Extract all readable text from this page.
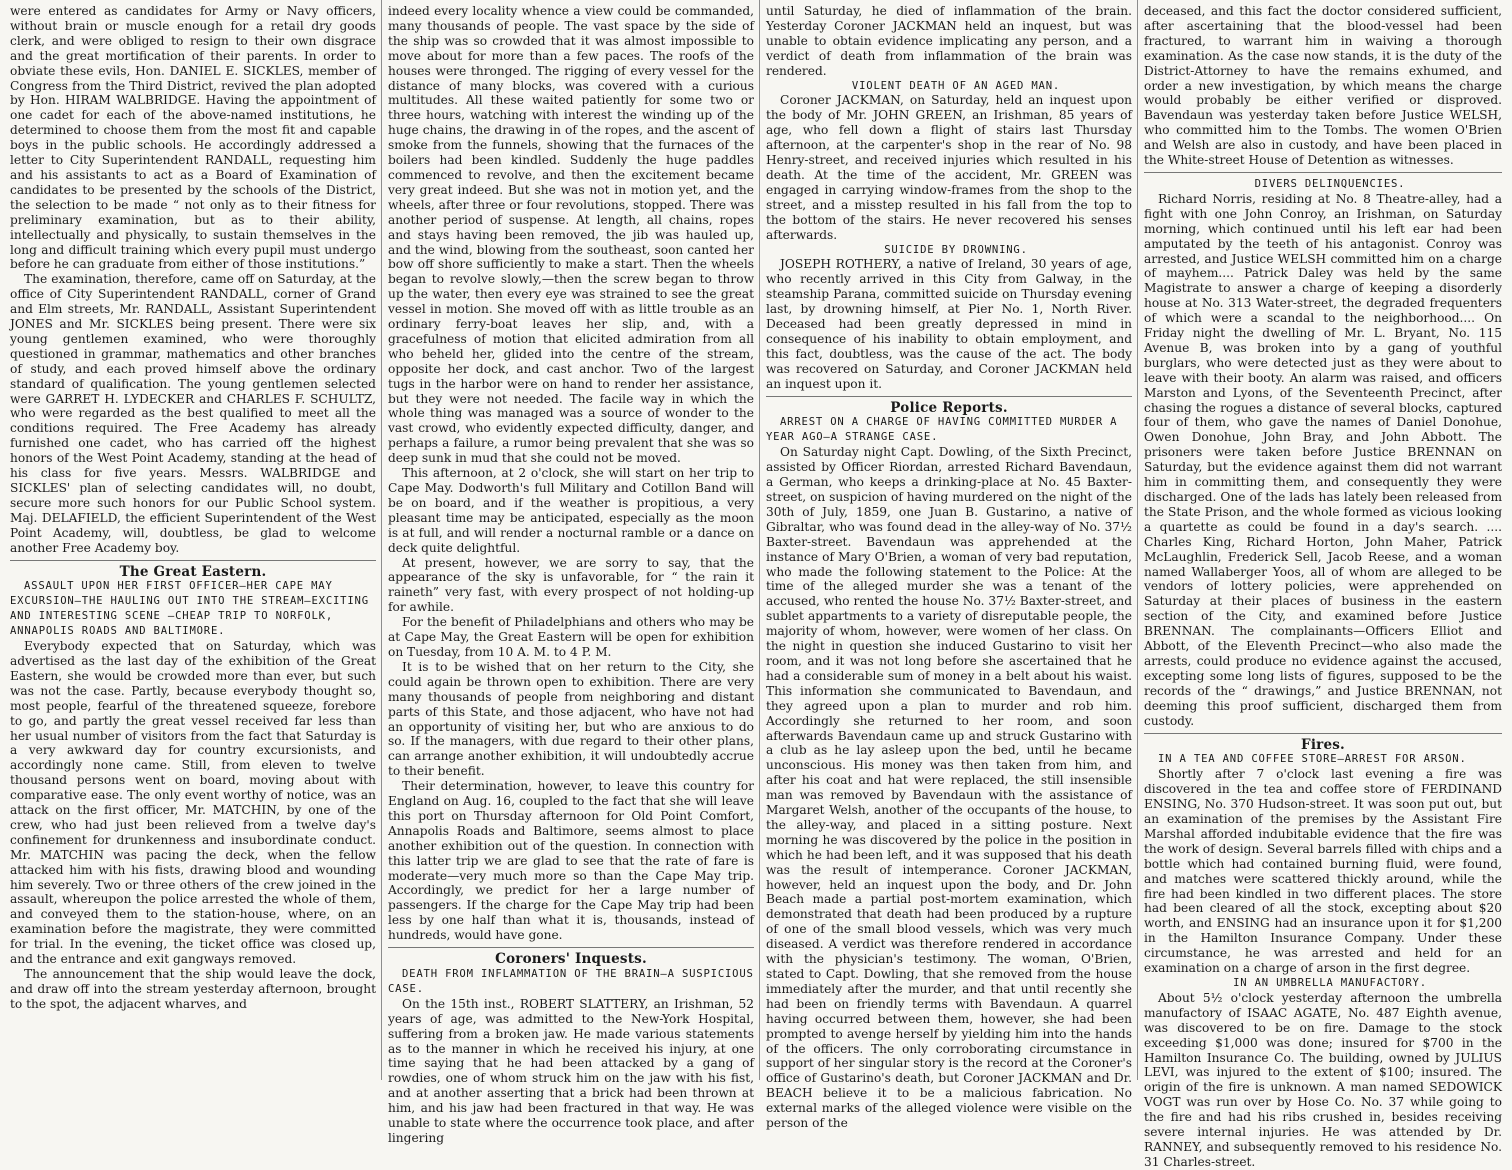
were entered as candidates for Army or Navy officers, without brain or muscle enough for a retail dry goods clerk, and were obliged to resign to their own disgrace and the great mortification of their parents. In order to obviate these evils, Hon. DANIEL E. SICKLES, member of Congress from the Third District, revived the plan adopted by Hon. HIRAM WALBRIDGE. Having the appointment of one cadet for each of the above-named institutions, he determined to choose them from the most fit and capable boys in the public schools. He accordingly addressed a letter to City Superintendent RANDALL, requesting him and his assistants to act as a Board of Examination of candidates to be presented by the schools of the District, the selection to be made “ not only as to their fitness for preliminary examination, but as to their ability, intellectually and physically, to sustain themselves in the long and difficult training which every pupil must undergo before he can graduate from either of those institutions.”

The examination, therefore, came off on Saturday, at the office of City Superintendent RANDALL, corner of Grand and Elm streets, Mr. RANDALL, Assistant Superintendent JONES and Mr. SICKLES being present. There were six young gentlemen examined, who were thoroughly questioned in grammar, mathematics and other branches of study, and each proved himself above the ordinary standard of qualification. The young gentlemen selected were GARRET H. LYDECKER and CHARLES F. SCHULTZ, who were regarded as the best qualified to meet all the conditions required. The Free Academy has already furnished one cadet, who has carried off the highest honors of the West Point Academy, standing at the head of his class for five years. Messrs. WALBRIDGE and SICKLES' plan of selecting candidates will, no doubt, secure more such honors for our Public School system. Maj. DELAFIELD, the efficient Superintendent of the West Point Academy, will, doubtless, be glad to welcome another Free Academy boy.

The Great Eastern.

ASSAULT UPON HER FIRST OFFICER—HER CAPE MAY EXCURSION—THE HAULING OUT INTO THE STREAM—EXCITING AND INTERESTING SCENE —CHEAP TRIP TO NORFOLK, ANNAPOLIS ROADS AND BALTIMORE.

Everybody expected that on Saturday, which was advertised as the last day of the exhibition of the Great Eastern, she would be crowded more than ever, but such was not the case. Partly, because everybody thought so, most people, fearful of the threatened squeeze, forebore to go, and partly the great vessel received far less than her usual number of visitors from the fact that Saturday is a very awkward day for country excursionists, and accordingly none came. Still, from eleven to twelve thousand persons went on board, moving about with comparative ease. The only event worthy of notice, was an attack on the first officer, Mr. MATCHIN, by one of the crew, who had just been relieved from a twelve day's confinement for drunkenness and insubordinate conduct. Mr. MATCHIN was pacing the deck, when the fellow attacked him with his fists, drawing blood and wounding him severely. Two or three others of the crew joined in the assault, whereupon the police arrested the whole of them, and conveyed them to the station-house, where, on an examination before the magistrate, they were committed for trial. In the evening, the ticket office was closed up, and the entrance and exit gangways removed.

The announcement that the ship would leave the dock, and draw off into the stream yesterday afternoon, brought to the spot, the adjacent wharves, and

indeed every locality whence a view could be commanded, many thousands of people. The vast space by the side of the ship was so crowded that it was almost impossible to move about for more than a few paces. The roofs of the houses were thronged. The rigging of every vessel for the distance of many blocks, was covered with a curious multitudes. All these waited patiently for some two or three hours, watching with interest the winding up of the huge chains, the drawing in of the ropes, and the ascent of smoke from the funnels, showing that the furnaces of the boilers had been kindled. Suddenly the huge paddles commenced to revolve, and then the excitement became very great indeed. But she was not in motion yet, and the wheels, after three or four revolutions, stopped. There was another period of suspense. At length, all chains, ropes and stays having been removed, the jib was hauled up, and the wind, blowing from the southeast, soon canted her bow off shore sufficiently to make a start. Then the wheels began to revolve slowly,—then the screw began to throw up the water, then every eye was strained to see the great vessel in motion. She moved off with as little trouble as an ordinary ferry-boat leaves her slip, and, with a gracefulness of motion that elicited admiration from all who beheld her, glided into the centre of the stream, opposite her dock, and cast anchor. Two of the largest tugs in the harbor were on hand to render her assistance, but they were not needed. The facile way in which the whole thing was managed was a source of wonder to the vast crowd, who evidently expected difficulty, danger, and perhaps a failure, a rumor being prevalent that she was so deep sunk in mud that she could not be moved.

This afternoon, at 2 o'clock, she will start on her trip to Cape May. Dodworth's full Military and Cotillon Band will be on board, and if the weather is propitious, a very pleasant time may be anticipated, especially as the moon is at full, and will render a nocturnal ramble or a dance on deck quite delightful.

At present, however, we are sorry to say, that the appearance of the sky is unfavorable, for “ the rain it raineth” very fast, with every prospect of not holding-up for awhile.

For the benefit of Philadelphians and others who may be at Cape May, the Great Eastern will be open for exhibition on Tuesday, from 10 A. M. to 4 P. M.

It is to be wished that on her return to the City, she could again be thrown open to exhibition. There are very many thousands of people from neighboring and distant parts of this State, and those adjacent, who have not had an opportunity of visiting her, but who are anxious to do so. If the managers, with due regard to their other plans, can arrange another exhibition, it will undoubtedly accrue to their benefit.

Their determination, however, to leave this country for England on Aug. 16, coupled to the fact that she will leave this port on Thursday afternoon for Old Point Comfort, Annapolis Roads and Baltimore, seems almost to place another exhibition out of the question. In connection with this latter trip we are glad to see that the rate of fare is moderate—very much more so than the Cape May trip. Accordingly, we predict for her a large number of passengers. If the charge for the Cape May trip had been less by one half than what it is, thousands, instead of hundreds, would have gone.

Coroners' Inquests.

DEATH FROM INFLAMMATION OF THE BRAIN—A SUSPICIOUS CASE.

On the 15th inst., ROBERT SLATTERY, an Irishman, 52 years of age, was admitted to the New-York Hospital, suffering from a broken jaw. He made various statements as to the manner in which he received his injury, at one time saying that he had been attacked by a gang of rowdies, one of whom struck him on the jaw with his fist, and at another asserting that a brick had been thrown at him, and his jaw had been fractured in that way. He was unable to state where the occurrence took place, and after lingering

until Saturday, he died of inflammation of the brain. Yesterday Coroner JACKMAN held an inquest, but was unable to obtain evidence implicating any person, and a verdict of death from inflammation of the brain was rendered.

VIOLENT DEATH OF AN AGED MAN.

Coroner JACKMAN, on Saturday, held an inquest upon the body of Mr. JOHN GREEN, an Irishman, 85 years of age, who fell down a flight of stairs last Thursday afternoon, at the carpenter's shop in the rear of No. 98 Henry-street, and received injuries which resulted in his death. At the time of the accident, Mr. GREEN was engaged in carrying window-frames from the shop to the street, and a misstep resulted in his fall from the top to the bottom of the stairs. He never recovered his senses afterwards.

SUICIDE BY DROWNING.

JOSEPH ROTHERY, a native of Ireland, 30 years of age, who recently arrived in this City from Galway, in the steamship Parana, committed suicide on Thursday evening last, by drowning himself, at Pier No. 1, North River. Deceased had been greatly depressed in mind in consequence of his inability to obtain employment, and this fact, doubtless, was the cause of the act. The body was recovered on Saturday, and Coroner JACKMAN held an inquest upon it.

Police Reports.

ARREST ON A CHARGE OF HAVING COMMITTED MURDER A YEAR AGO—A STRANGE CASE.

On Saturday night Capt. Dowling, of the Sixth Precinct, assisted by Officer Riordan, arrested Richard Bavendaun, a German, who keeps a drinking-place at No. 45 Baxter-street, on suspicion of having murdered on the night of the 30th of July, 1859, one Juan B. Gustarino, a native of Gibraltar, who was found dead in the alley-way of No. 37½ Baxter-street. Bavendaun was apprehended at the instance of Mary O'Brien, a woman of very bad reputation, who made the following statement to the Police: At the time of the alleged murder she was a tenant of the accused, who rented the house No. 37½ Baxter-street, and sublet appartments to a variety of disreputable people, the majority of whom, however, were women of her class. On the night in question she induced Gustarino to visit her room, and it was not long before she ascertained that he had a considerable sum of money in a belt about his waist. This information she communicated to Bavendaun, and they agreed upon a plan to murder and rob him. Accordingly she returned to her room, and soon afterwards Bavendaun came up and struck Gustarino with a club as he lay asleep upon the bed, until he became unconscious. His money was then taken from him, and after his coat and hat were replaced, the still insensible man was removed by Bavendaun with the assistance of Margaret Welsh, another of the occupants of the house, to the alley-way, and placed in a sitting posture. Next morning he was discovered by the police in the position in which he had been left, and it was supposed that his death was the result of intemperance. Coroner JACKMAN, however, held an inquest upon the body, and Dr. John Beach made a partial post-mortem examination, which demonstrated that death had been produced by a rupture of one of the small blood vessels, which was very much diseased. A verdict was therefore rendered in accordance with the physician's testimony. The woman, O'Brien, stated to Capt. Dowling, that she removed from the house immediately after the murder, and that until recently she had been on friendly terms with Bavendaun. A quarrel having occurred between them, however, she had been prompted to avenge herself by yielding him into the hands of the officers. The only corroborating circumstance in support of her singular story is the record at the Coroner's office of Gustarino's death, but Coroner JACKMAN and Dr. BEACH believe it to be a malicious fabrication. No external marks of the alleged violence were visible on the person of the

deceased, and this fact the doctor considered sufficient, after ascertaining that the blood-vessel had been fractured, to warrant him in waiving a thorough examination. As the case now stands, it is the duty of the District-Attorney to have the remains exhumed, and order a new investigation, by which means the charge would probably be either verified or disproved. Bavendaun was yesterday taken before Justice WELSH, who committed him to the Tombs. The women O'Brien and Welsh are also in custody, and have been placed in the White-street House of Detention as witnesses.

DIVERS DELINQUENCIES.

Richard Norris, residing at No. 8 Theatre-alley, had a fight with one John Conroy, an Irishman, on Saturday morning, which continued until his left ear had been amputated by the teeth of his antagonist. Conroy was arrested, and Justice WELSH committed him on a charge of mayhem.... Patrick Daley was held by the same Magistrate to answer a charge of keeping a disorderly house at No. 313 Water-street, the degraded frequenters of which were a scandal to the neighborhood.... On Friday night the dwelling of Mr. L. Bryant, No. 115 Avenue B, was broken into by a gang of youthful burglars, who were detected just as they were about to leave with their booty. An alarm was raised, and officers Marston and Lyons, of the Seventeenth Precinct, after chasing the rogues a distance of several blocks, captured four of them, who gave the names of Daniel Donohue, Owen Donohue, John Bray, and John Abbott. The prisoners were taken before Justice BRENNAN on Saturday, but the evidence against them did not warrant him in committing them, and consequently they were discharged. One of the lads has lately been released from the State Prison, and the whole formed as vicious looking a quartette as could be found in a day's search. .... Charles King, Richard Horton, John Maher, Patrick McLaughlin, Frederick Sell, Jacob Reese, and a woman named Wallaberger Yoos, all of whom are alleged to be vendors of lottery policies, were apprehended on Saturday at their places of business in the eastern section of the City, and examined before Justice BRENNAN. The complainants—Officers Elliot and Abbott, of the Eleventh Precinct—who also made the arrests, could produce no evidence against the accused, excepting some long lists of figures, supposed to be the records of the “ drawings,” and Justice BRENNAN, not deeming this proof sufficient, discharged them from custody.

Fires.

IN A TEA AND COFFEE STORE—ARREST FOR ARSON.

Shortly after 7 o'clock last evening a fire was discovered in the tea and coffee store of FERDINAND ENSING, No. 370 Hudson-street. It was soon put out, but an examination of the premises by the Assistant Fire Marshal afforded indubitable evidence that the fire was the work of design. Several barrels filled with chips and a bottle which had contained burning fluid, were found, and matches were scattered thickly around, while the fire had been kindled in two different places. The store had been cleared of all the stock, excepting about $20 worth, and ENSING had an insurance upon it for $1,200 in the Hamilton Insurance Company. Under these circumstance, he was arrested and held for an examination on a charge of arson in the first degree.

IN AN UMBRELLA MANUFACTORY.

About 5½ o'clock yesterday afternoon the umbrella manufactory of ISAAC AGATE, No. 487 Eighth avenue, was discovered to be on fire. Damage to the stock exceeding $1,000 was done; insured for $700 in the Hamilton Insurance Co. The building, owned by JULIUS LEVI, was injured to the extent of $100; insured. The origin of the fire is unknown. A man named SEDOWICK VOGT was run over by Hose Co. No. 37 while going to the fire and had his ribs crushed in, besides receiving severe internal injuries. He was attended by Dr. RANNEY, and subsequently removed to his residence No. 31 Charles-street.
